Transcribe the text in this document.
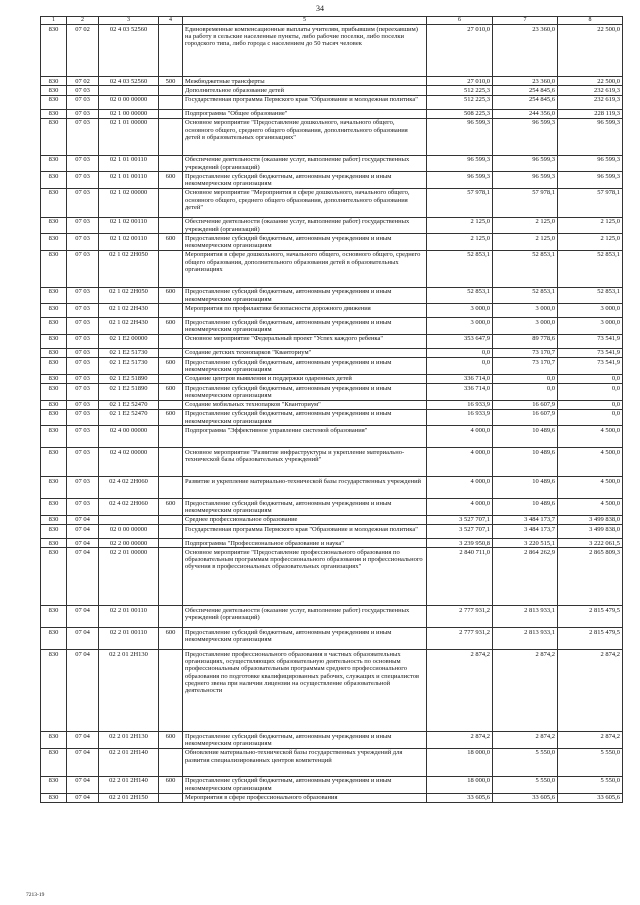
34
1	2	3	4	5	6	7	8
830	07 02	02 4 03 52560		Единовременные компенсационные выплаты учителям, прибывшим (переехавшим) на работу в сельские населенные пункты, либо рабочие поселки, либо поселки городского типа, либо города с населением до 50 тысяч человек	27 010,0	23 360,0	22 500,0
830	07 02	02 4 03 52560	500	Межбюджетные трансферты	27 010,0	23 360,0	22 500,0
830	07 03			Дополнительное образование детей	512 225,3	254 845,6	232 619,3
830	07 03	02 0 00 00000		Государственная программа Пермского края "Образование и молодежная политика"	512 225,3	254 845,6	232 619,3
830	07 03	02 1 00 00000		Подпрограмма "Общее образование"	508 225,3	244 356,0	228 119,3
830	07 03	02 1 01 00000		Основное мероприятие "Предоставление дошкольного, начального общего, основного общего, среднего общего образования, дополнительного образования детей в образовательных организациях"	96 599,3	96 599,3	96 599,3
830	07 03	02 1 01 00110		Обеспечение деятельности (оказание услуг, выполнение работ) государственных учреждений (организаций)	96 599,3	96 599,3	96 599,3
830	07 03	02 1 01 00110	600	Предоставление субсидий бюджетным, автономным учреждениям и иным некоммерческим организациям	96 599,3	96 599,3	96 599,3
830	07 03	02 1 02 00000		Основное мероприятие "Мероприятия в сфере дошкольного, начального общего, основного общего, среднего общего образования, дополнительного образования детей"	57 978,1	57 978,1	57 978,1
830	07 03	02 1 02 00110		Обеспечение деятельности (оказание услуг, выполнение работ) государственных учреждений (организаций)	2 125,0	2 125,0	2 125,0
830	07 03	02 1 02 00110	600	Предоставление субсидий бюджетным, автономным учреждениям и иным некоммерческим организациям	2 125,0	2 125,0	2 125,0
830	07 03	02 1 02 2Н050		Мероприятия в сфере дошкольного, начального общего, основного общего, среднего общего образования, дополнительного образования детей в образовательных организациях	52 853,1	52 853,1	52 853,1
830	07 03	02 1 02 2Н050	600	Предоставление субсидий бюджетным, автономным учреждениям и иным некоммерческим организациям	52 853,1	52 853,1	52 853,1
830	07 03	02 1 02 2Н430		Мероприятия по профилактике безопасности дорожного движения	3 000,0	3 000,0	3 000,0
830	07 03	02 1 02 2Н430	600	Предоставление субсидий бюджетным, автономным учреждениям и иным некоммерческим организациям	3 000,0	3 000,0	3 000,0
830	07 03	02 1 E2 00000		Основное мероприятие "Федеральный проект "Успех каждого ребенка"	353 647,9	89 778,6	73 541,9
830	07 03	02 1 E2 51730		Создание детских технопарков "Кванториум"	0,0	73 170,7	73 541,9
830	07 03	02 1 E2 51730	600	Предоставление субсидий бюджетным, автономным учреждениям и иным некоммерческим организациям	0,0	73 170,7	73 541,9
830	07 03	02 1 E2 51890		Создание центров выявления и поддержки одаренных детей	336 714,0	0,0	0,0
830	07 03	02 1 E2 51890	600	Предоставление субсидий бюджетным, автономным учреждениям и иным некоммерческим организациям	336 714,0	0,0	0,0
830	07 03	02 1 E2 52470		Создание мобильных технопарков "Кванториум"	16 933,9	16 607,9	0,0
830	07 03	02 1 E2 52470	600	Предоставление субсидий бюджетным, автономным учреждениям и иным некоммерческим организациям	16 933,9	16 607,9	0,0
830	07 03	02 4 00 00000		Подпрограмма "Эффективное управление системой образования"	4 000,0	10 489,6	4 500,0
830	07 03	02 4 02 00000		Основное мероприятие "Развитие инфраструктуры и укрепление материально-технической базы образовательных учреждений"	4 000,0	10 489,6	4 500,0
830	07 03	02 4 02 2Н060		Развитие и укрепление материально-технической базы государственных учреждений	4 000,0	10 489,6	4 500,0
830	07 03	02 4 02 2Н060	600	Предоставление субсидий бюджетным, автономным учреждениям и иным некоммерческим организациям	4 000,0	10 489,6	4 500,0
830	07 04			Среднее профессиональное образование	3 527 707,1	3 484 173,7	3 499 838,0
830	07 04	02 0 00 00000		Государственная программа Пермского края "Образование и молодежная политика"	3 527 707,1	3 484 173,7	3 499 838,0
830	07 04	02 2 00 00000		Подпрограмма "Профессиональное образование и наука"	3 239 950,8	3 220 515,1	3 222 061,5
830	07 04	02 2 01 00000		Основное мероприятие "Предоставление профессионального образования по образовательным программам профессионального образования и профессионального обучения в профессиональных образовательных организациях"	2 840 711,0	2 864 262,9	2 865 809,3
830	07 04	02 2 01 00110		Обеспечение деятельности (оказание услуг, выполнение работ) государственных учреждений (организаций)	2 777 931,2	2 813 933,1	2 815 479,5
830	07 04	02 2 01 00110	600	Предоставление субсидий бюджетным, автономным учреждениям и иным некоммерческим организациям	2 777 931,2	2 813 933,1	2 815 479,5
830	07 04	02 2 01 2Н130		Предоставление профессионального образования в частных образовательных организациях, осуществляющих образовательную деятельность по основным профессиональным образовательным программам среднего профессионального образования по подготовке квалифицированных рабочих, служащих и специалистов среднего звена при наличии лицензии на осуществление образовательной деятельности	2 874,2	2 874,2	2 874,2
830	07 04	02 2 01 2Н130	600	Предоставление субсидий бюджетным, автономным учреждениям и иным некоммерческим организациям	2 874,2	2 874,2	2 874,2
830	07 04	02 2 01 2Н140		Обновление материально-технической базы государственных учреждений для развития специализированных центров компетенций	18 000,0	5 550,0	5 550,0
830	07 04	02 2 01 2Н140	600	Предоставление субсидий бюджетным, автономным учреждениям и иным некоммерческим организациям	18 000,0	5 550,0	5 550,0
830	07 04	02 2 01 2Н150		Мероприятия в сфере профессионального образования	33 605,6	33 605,6	33 605,6
7213-19
